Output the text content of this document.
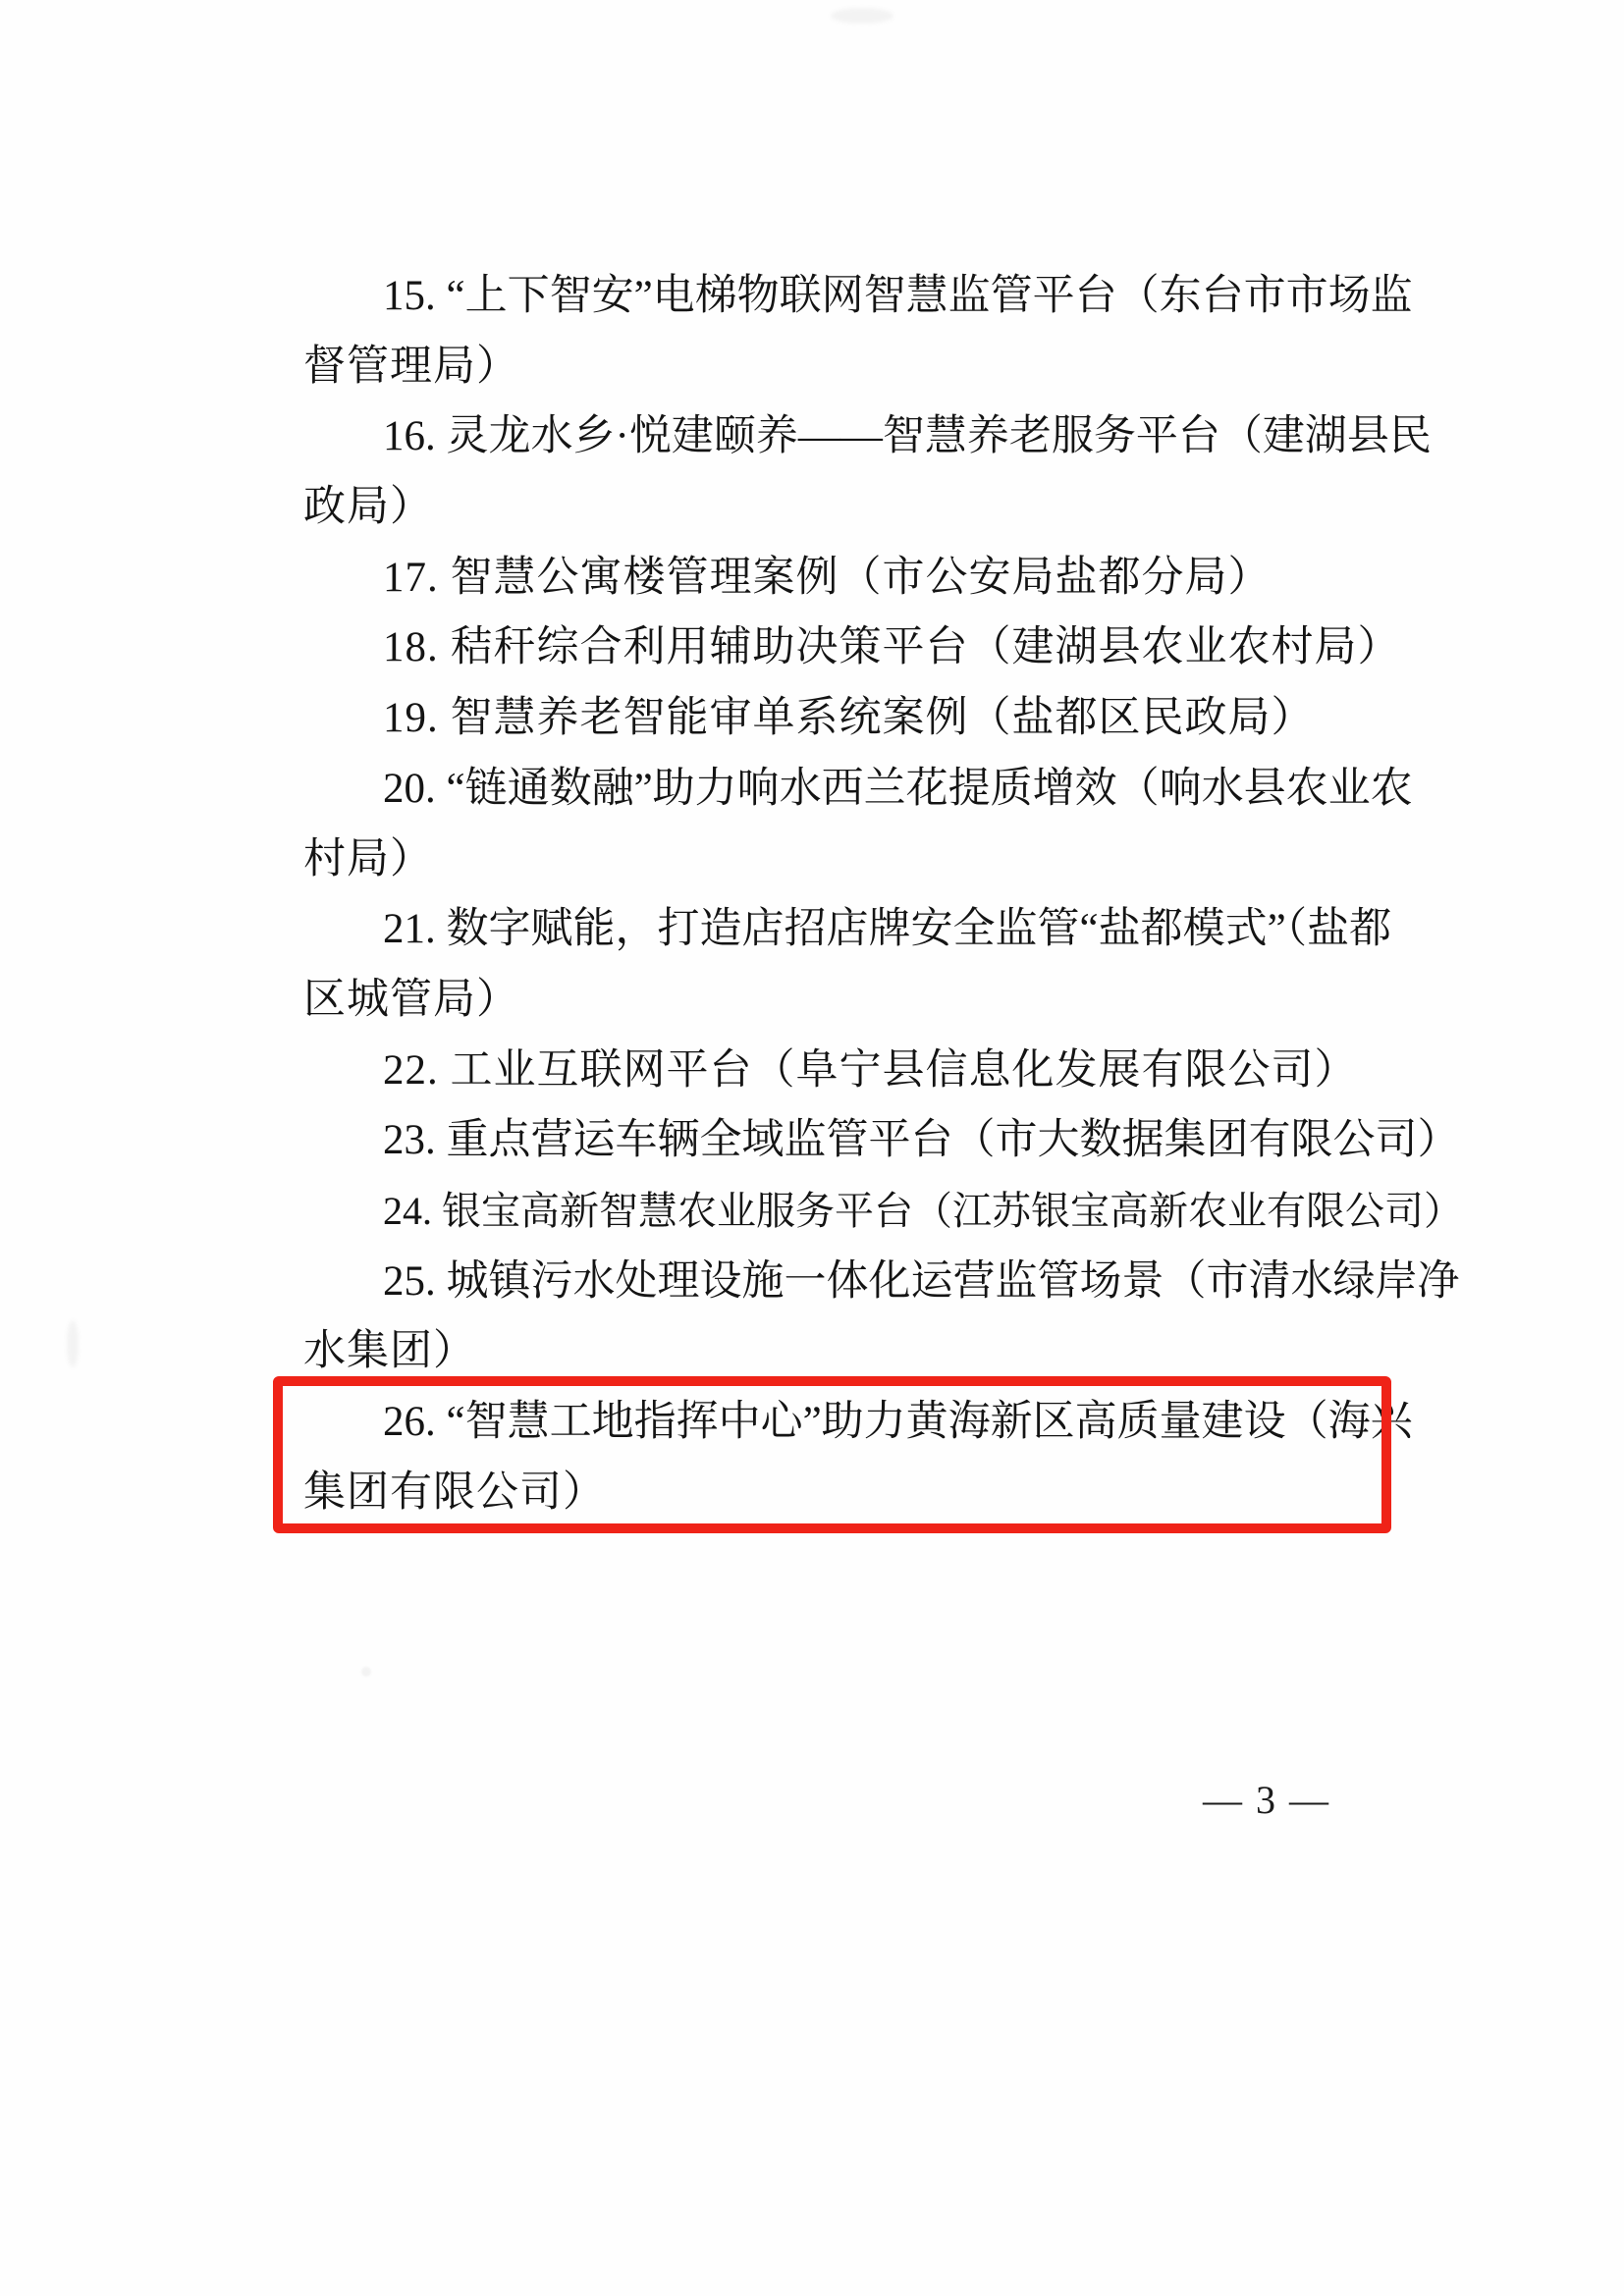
15. “上下智安”电梯物联网智慧监管平台（东台市市场监
督管理局）
16. 灵龙水乡·悦建颐养——智慧养老服务平台（建湖县民
政局）
17. 智慧公寓楼管理案例（市公安局盐都分局）
18. 秸秆综合利用辅助决策平台（建湖县农业农村局）
19. 智慧养老智能审单系统案例（盐都区民政局）
20. “链通数融”助力响水西兰花提质增效（响水县农业农
村局）
21. 数字赋能，打造店招店牌安全监管“盐都模式”（盐都
区城管局）
22. 工业互联网平台（阜宁县信息化发展有限公司）
23. 重点营运车辆全域监管平台（市大数据集团有限公司）
24. 银宝高新智慧农业服务平台（江苏银宝高新农业有限公司）
25. 城镇污水处理设施一体化运营监管场景（市清水绿岸净
水集团）
26. “智慧工地指挥中心”助力黄海新区高质量建设（海兴
集团有限公司）
— 3 —
